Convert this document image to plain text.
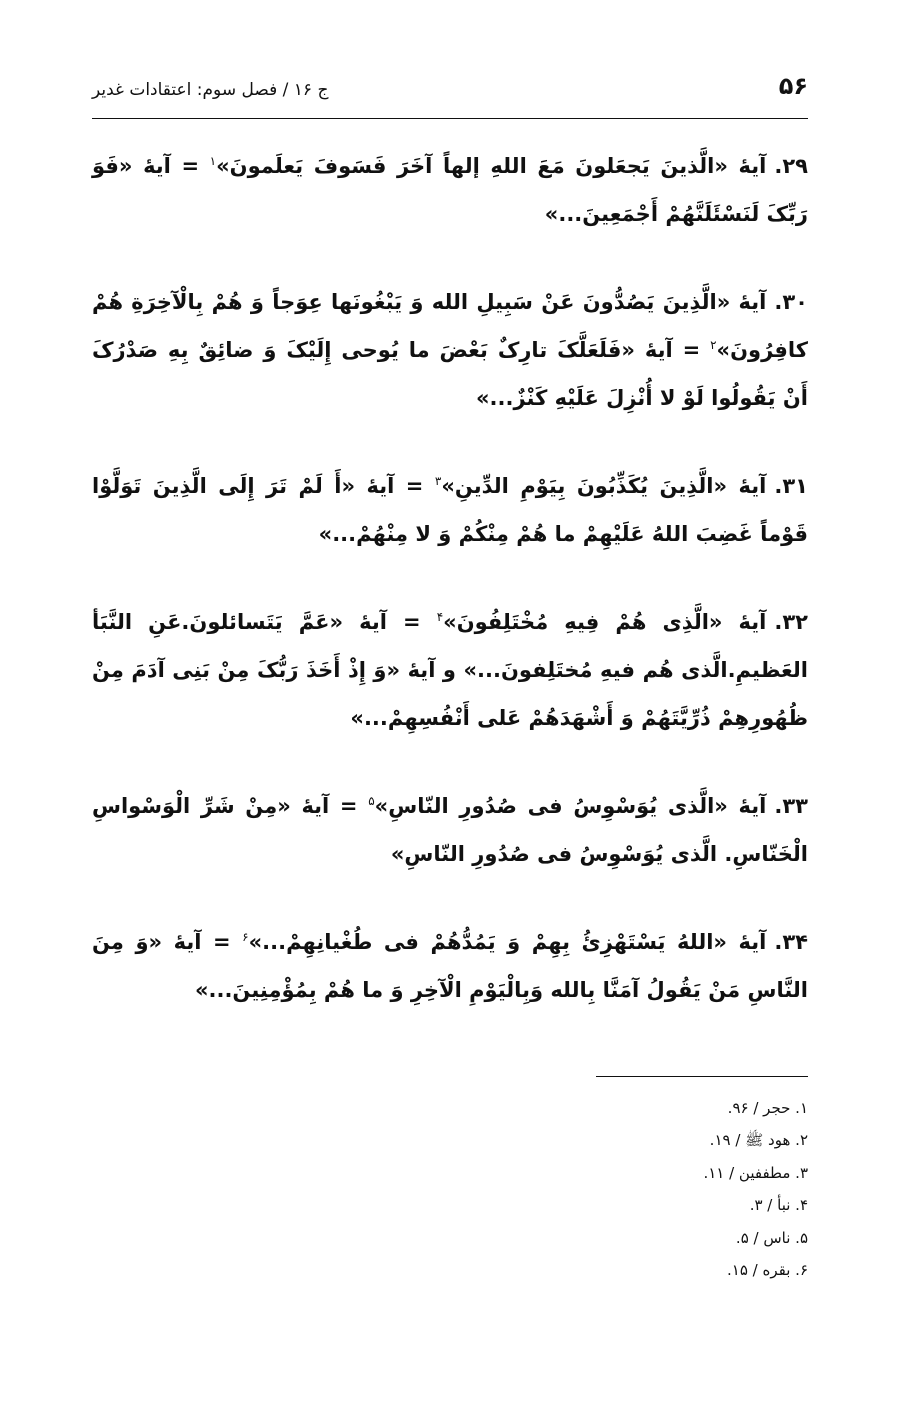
۵۶
ج ۱۶ / فصل سوم: اعتقادات غدير

۲۹.آيۀ «الَّذينَ يَجعَلونَ مَعَ اللهِ إلهاً آخَرَ فَسَوفَ يَعلَمونَ»$^۱$ = آيۀ «فَوَ رَبِّکَ لَنَسْئَلَنَّهُمْ أَجْمَعِينَ...»

۳۰.آيۀ «الَّذِينَ يَصُدُّونَ عَنْ سَبِيلِ الله وَ يَبْغُونَها عِوَجاً وَ هُمْ بِالْآخِرَةِ هُمْ كافِرُونَ»$^۲$ = آيۀ «فَلَعَلَّکَ تارِکٌ بَعْضَ ما يُوحى إِلَيْکَ وَ ضائِقٌ بِهِ صَدْرُکَ أَنْ يَقُولُوا لَوْ لا أُنْزِلَ عَلَيْهِ كَنْزٌ...»

۳۱.آيۀ «الَّذِينَ يُكَذِّبُونَ بِيَوْمِ الدِّينِ»$^۳$ = آيۀ «أَ لَمْ تَرَ إِلَى الَّذِينَ تَوَلَّوْا قَوْماً غَضِبَ اللهُ عَلَيْهِمْ ما هُمْ مِنْكُمْ وَ لا مِنْهُمْ...»

۳۲.آيۀ «الَّذِى هُمْ فِيهِ مُخْتَلِفُونَ»$^۴$ = آيۀ «عَمَّ يَتَسائلونَ.عَنِ النَّبَأ العَظيمِ.الَّذى هُم فيهِ مُختَلِفونَ...» و آيۀ «وَ إِذْ أَخَذَ رَبُّکَ مِنْ بَنِى آدَمَ مِنْ ظُهُورِهِمْ ذُرِّيَّتَهُمْ وَ أَشْهَدَهُمْ عَلى أَنْفُسِهِمْ...»

۳۳.آيۀ «الَّذى يُوَسْوِسُ فى صُدُورِ النّاسِ»$^۵$ = آيۀ «مِنْ شَرِّ الْوَسْواسِ الْخَنّاسِ. الَّذى يُوَسْوِسُ فى صُدُورِ النّاسِ»

۳۴.آيۀ «اللهُ يَسْتَهْزِئُ بِهِمْ وَ يَمُدُّهُمْ فى طُغْيانِهِمْ...»$^۶$ = آيۀ «وَ مِنَ النَّاسِ مَنْ يَقُولُ آمَنَّا بِالله وَبِالْيَوْمِ الْآخِرِ وَ ما هُمْ بِمُؤْمِنِينَ...»

۱. حجر / ۹۶.
۲. هود ﷺ / ۱۹.
۳. مطففين / ۱۱.
۴. نبأ / ۳.
۵. ناس / ۵.
۶. بقره / ۱۵.
